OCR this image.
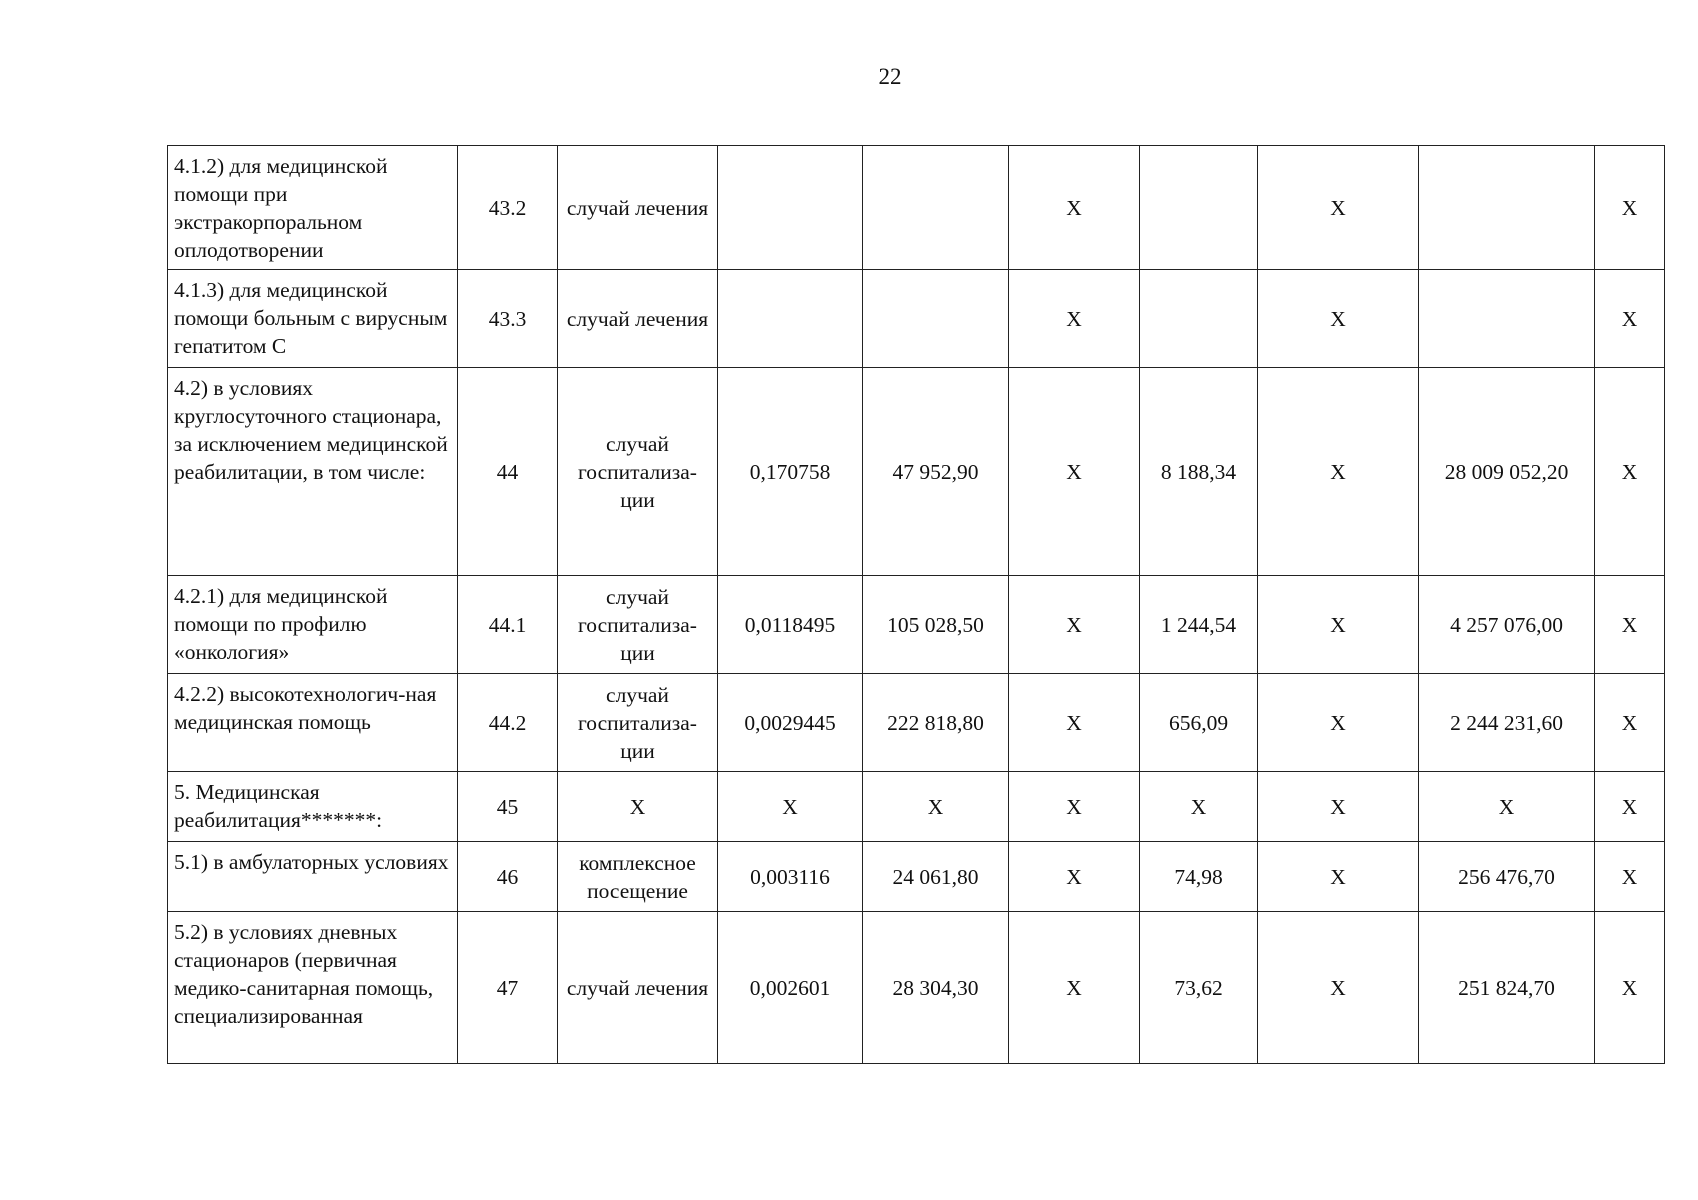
22
4.1.2) для медицинской помощи при экстракорпоральном оплодотворении	43.2	случай лечения			X		X		X
4.1.3) для медицинской помощи больным с вирусным гепатитом С	43.3	случай лечения			X		X		X
4.2) в условиях круглосуточного стационара, за исключением медицинской реабилитации, в том числе:	44	случай госпитализа-ции	0,170758	47 952,90	X	8 188,34	X	28 009 052,20	X
4.2.1) для медицинской помощи по профилю «онкология»	44.1	случай госпитализа-ции	0,0118495	105 028,50	X	1 244,54	X	4 257 076,00	X
4.2.2) высокотехнологич-ная медицинская помощь	44.2	случай госпитализа-ции	0,0029445	222 818,80	X	656,09	X	2 244 231,60	X
5. Медицинская реабилитация*******:	45	X	X	X	X	X	X	X	X
5.1) в амбулаторных условиях	46	комплексное посещение	0,003116	24 061,80	X	74,98	X	256 476,70	X
5.2) в условиях дневных стационаров (первичная медико-санитарная помощь, специализированная	47	случай лечения	0,002601	28 304,30	X	73,62	X	251 824,70	X
